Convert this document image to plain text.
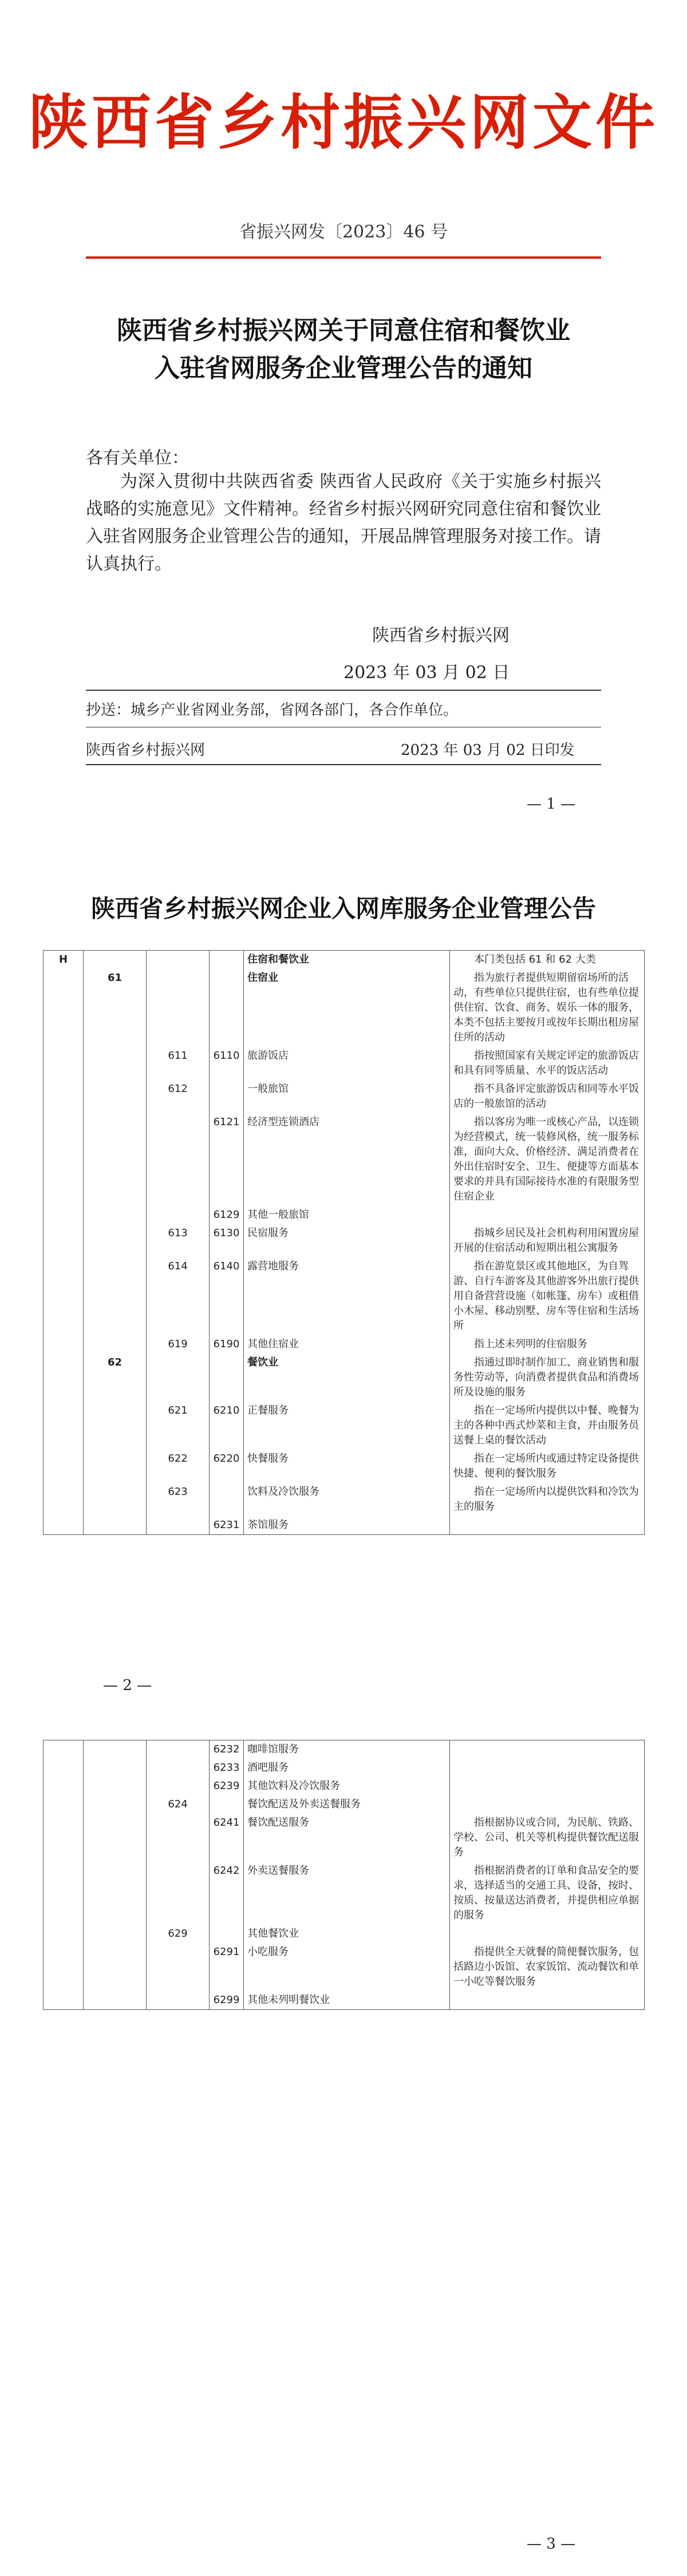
陕西省乡村振兴网文件
省振兴网发〔2023〕46 号
陕西省乡村振兴网关于同意住宿和餐饮业
入驻省网服务企业管理公告的通知
各有关单位：
为深入贯彻中共陕西省委 陕西省人民政府《关于实施乡村振兴战略的实施意见》文件精神。经省乡村振兴网研究同意住宿和餐饮业入驻省网服务企业管理公告的通知，开展品牌管理服务对接工作。请认真执行。
陕西省乡村振兴网
2023 年 03 月 02 日
抄送：城乡产业省网业务部，省网各部门，各合作单位。
陕西省乡村振兴网	2023 年 03 月 02 日印发
— 1 —
陕西省乡村振兴网企业入网库服务企业管理公告
H				住宿和餐饮业	本门类包括 61 和 62 大类
	61			住宿业	指为旅行者提供短期留宿场所的活动，有些单位只提供住宿，也有些单位提供住宿、饮食、商务、娱乐一体的服务，本类不包括主要按月或按年长期出租房屋住所的活动
		611	6110	旅游饭店	指按照国家有关规定评定的旅游饭店和具有同等质量、水平的饭店活动
		612		一般旅馆	指不具备评定旅游饭店和同等水平饭店的一般旅馆的活动
			6121	经济型连锁酒店	指以客房为唯一或核心产品，以连锁为经营模式，统一装修风格，统一服务标准，面向大众、价格经济、满足消费者在外出住宿时安全、卫生、便捷等方面基本要求的并具有国际接待水准的有限服务型住宿企业
			6129	其他一般旅馆	
		613	6130	民宿服务	指城乡居民及社会机构利用闲置房屋开展的住宿活动和短期出租公寓服务
		614	6140	露营地服务	指在游览景区或其他地区，为自驾游、自行车游客及其他游客外出旅行提供用自备营营设施（如帐篷、房车）或租借小木屋、移动别墅、房车等住宿和生活场所
		619	6190	其他住宿业	指上述未列明的住宿服务
	62			餐饮业	指通过即时制作加工、商业销售和服务性劳动等，向消费者提供食品和消费场所及设施的服务
		621	6210	正餐服务	指在一定场所内提供以中餐、晚餐为主的各种中西式炒菜和主食，并由服务员送餐上桌的餐饮活动
		622	6220	快餐服务	指在一定场所内或通过特定设备提供快捷、便利的餐饮服务
		623		饮料及冷饮服务	指在一定场所内以提供饮料和冷饮为主的服务
			6231	茶馆服务	
— 2 —
			6232	咖啡馆服务	
			6233	酒吧服务	
			6239	其他饮料及冷饮服务	
		624		餐饮配送及外卖送餐服务	
			6241	餐饮配送服务	指根据协议或合同，为民航、铁路、学校、公司、机关等机构提供餐饮配送服务
			6242	外卖送餐服务	指根据消费者的订单和食品安全的要求，选择适当的交通工具、设备，按时、按质、按量送达消费者，并提供相应单据的服务
		629		其他餐饮业	
			6291	小吃服务	指提供全天就餐的简便餐饮服务，包括路边小饭馆、农家饭馆、流动餐饮和单一小吃等餐饮服务
			6299	其他未列明餐饮业	
— 3 —
